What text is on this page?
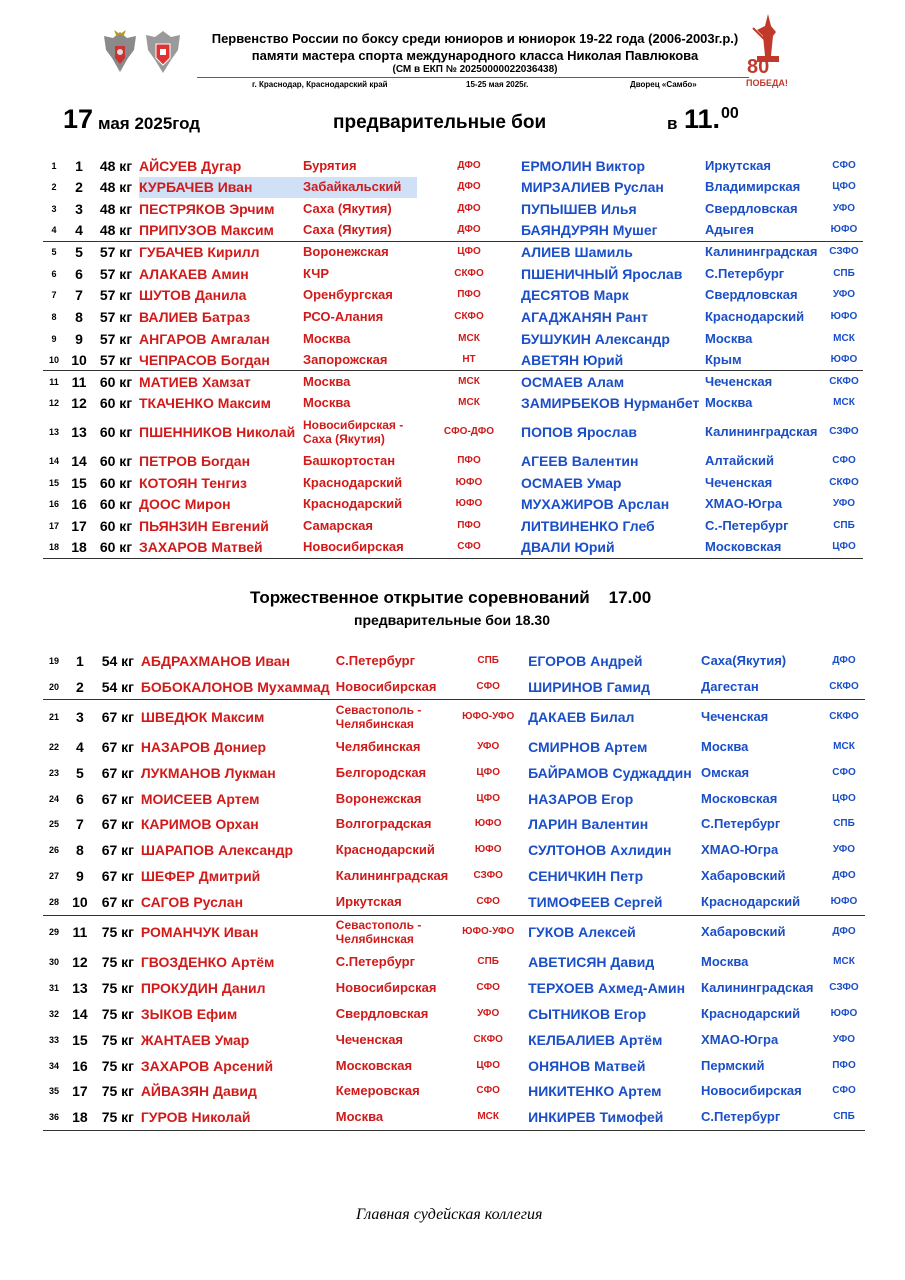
80
ПОБЕДА!
Первенство России по боксу среди юниоров и юниорок 19-22 года (2006-2003г.р.)
памяти мастера спорта международного класса Николая Павлюкова
(СМ в ЕКП № 20250000022036438)
г. Краснодар, Краснодарский край	15-25 мая 2025г.	Дворец «Самбо»
17 мая 2025год	предварительные бои	в 11. 00
1	1	48 кг	АЙСУЕВ Дугар	Бурятия	ДФО	ЕРМОЛИН Виктор	Иркутская	СФО
2	2	48 кг	КУРБАЧЕВ Иван	Забайкальский	ДФО	МИРЗАЛИЕВ Руслан	Владимирская	ЦФО
3	3	48 кг	ПЕСТРЯКОВ Эрчим	Саха (Якутия)	ДФО	ПУПЫШЕВ Илья	Свердловская	УФО
4	4	48 кг	ПРИПУЗОВ Максим	Саха (Якутия)	ДФО	БАЯНДУРЯН Мушег	Адыгея	ЮФО
5	5	57 кг	ГУБАЧЕВ Кирилл	Воронежская	ЦФО	АЛИЕВ Шамиль	Калининградская	СЗФО
6	6	57 кг	АЛАКАЕВ Амин	КЧР	СКФО	ПШЕНИЧНЫЙ Ярослав	С.Петербург	СПБ
7	7	57 кг	ШУТОВ Данила	Оренбургская	ПФО	ДЕСЯТОВ Марк	Свердловская	УФО
8	8	57 кг	ВАЛИЕВ Батраз	РСО-Алания	СКФО	АГАДЖАНЯН Рант	Краснодарский	ЮФО
9	9	57 кг	АНГАРОВ Амгалан	Москва	МСК	БУШУКИН Александр	Москва	МСК
10	10	57 кг	ЧЕПРАСОВ Богдан	Запорожская	НТ	АВЕТЯН Юрий	Крым	ЮФО
11	11	60 кг	МАТИЕВ Хамзат	Москва	МСК	ОСМАЕВ Алам	Чеченская	СКФО
12	12	60 кг	ТКАЧЕНКО Максим	Москва	МСК	ЗАМИРБЕКОВ Нурманбет	Москва	МСК
13	13	60 кг	ПШЕННИКОВ Николай	Новосибирская - Саха (Якутия)	СФО-ДФО	ПОПОВ Ярослав	Калининградская	СЗФО
14	14	60 кг	ПЕТРОВ Богдан	Башкортостан	ПФО	АГЕЕВ Валентин	Алтайский	СФО
15	15	60 кг	КОТОЯН Тенгиз	Краснодарский	ЮФО	ОСМАЕВ Умар	Чеченская	СКФО
16	16	60 кг	ДООС Мирон	Краснодарский	ЮФО	МУХАЖИРОВ Арслан	ХМАО-Югра	УФО
17	17	60 кг	ПЬЯНЗИН Евгений	Самарская	ПФО	ЛИТВИНЕНКО Глеб	С.-Петербург	СПБ
18	18	60 кг	ЗАХАРОВ Матвей	Новосибирская	СФО	ДВАЛИ Юрий	Московская	ЦФО
Торжественное открытие соревнований 17.00
предварительные бои 18.30
19	1	54 кг	АБДРАХМАНОВ Иван	С.Петербург	СПБ	ЕГОРОВ Андрей	Саха(Якутия)	ДФО
20	2	54 кг	БОБОКАЛОНОВ Мухаммад	Новосибирская	СФО	ШИРИНОВ Гамид	Дагестан	СКФО
21	3	67 кг	ШВЕДЮК Максим	Севастополь - Челябинская	ЮФО-УФО	ДАКАЕВ Билал	Чеченская	СКФО
22	4	67 кг	НАЗАРОВ Дониер	Челябинская	УФО	СМИРНОВ Артем	Москва	МСК
23	5	67 кг	ЛУКМАНОВ Лукман	Белгородская	ЦФО	БАЙРАМОВ Суджаддин	Омская	СФО
24	6	67 кг	МОИСЕЕВ Артем	Воронежская	ЦФО	НАЗАРОВ Егор	Московская	ЦФО
25	7	67 кг	КАРИМОВ Орхан	Волгоградская	ЮФО	ЛАРИН Валентин	С.Петербург	СПБ
26	8	67 кг	ШАРАПОВ Александр	Краснодарский	ЮФО	СУЛТОНОВ Ахлидин	ХМАО-Югра	УФО
27	9	67 кг	ШЕФЕР Дмитрий	Калининградская	СЗФО	СЕНИЧКИН Петр	Хабаровский	ДФО
28	10	67 кг	САГОВ Руслан	Иркутская	СФО	ТИМОФЕЕВ Сергей	Краснодарский	ЮФО
29	11	75 кг	РОМАНЧУК Иван	Севастополь - Челябинская	ЮФО-УФО	ГУКОВ Алексей	Хабаровский	ДФО
30	12	75 кг	ГВОЗДЕНКО Артём	С.Петербург	СПБ	АВЕТИСЯН Давид	Москва	МСК
31	13	75 кг	ПРОКУДИН Данил	Новосибирская	СФО	ТЕРХОЕВ Ахмед-Амин	Калининградская	СЗФО
32	14	75 кг	ЗЫКОВ Ефим	Свердловская	УФО	СЫТНИКОВ Егор	Краснодарский	ЮФО
33	15	75 кг	ЖАНТАЕВ Умар	Чеченская	СКФО	КЕЛБАЛИЕВ Артём	ХМАО-Югра	УФО
34	16	75 кг	ЗАХАРОВ Арсений	Московская	ЦФО	ОНЯНОВ Матвей	Пермский	ПФО
35	17	75 кг	АЙВАЗЯН Давид	Кемеровская	СФО	НИКИТЕНКО Артем	Новосибирская	СФО
36	18	75 кг	ГУРОВ Николай	Москва	МСК	ИНКИРЕВ Тимофей	С.Петербург	СПБ
Главная судейская коллегия
